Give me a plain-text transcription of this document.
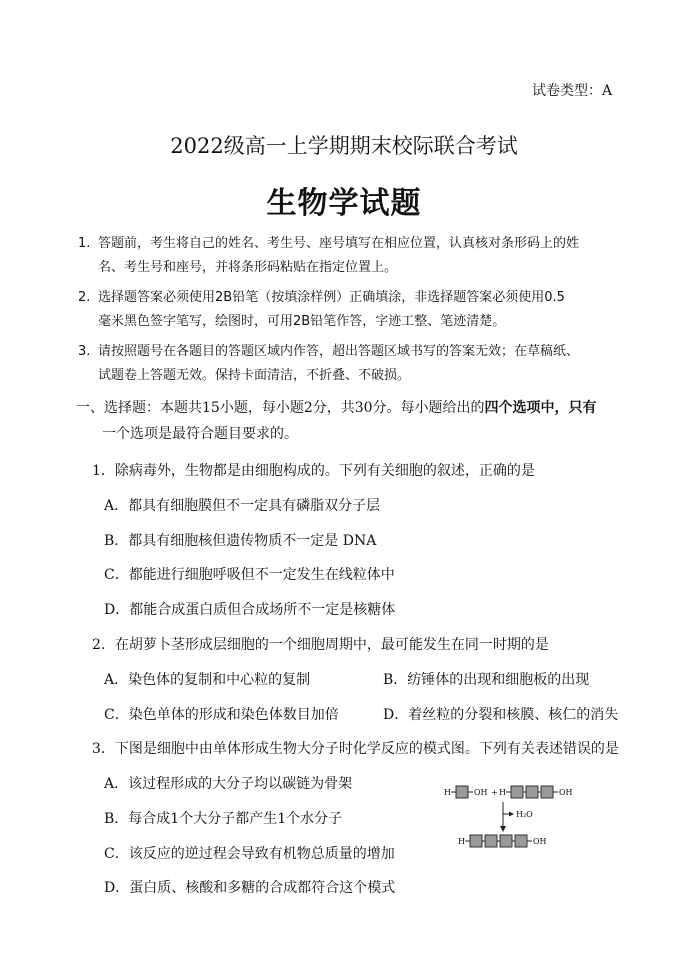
试卷类型：A
2022级高一上学期期末校际联合考试
生物学试题
1. 答题前，考生将自己的姓名、考生号、座号填写在相应位置，认真核对条形码上的姓
名、考生号和座号，并将条形码粘贴在指定位置上。
2. 选择题答案必须使用2B铅笔（按填涂样例）正确填涂，非选择题答案必须使用0.5
毫米黑色签字笔写，绘图时，可用2B铅笔作答，字迹工整、笔迹清楚。
3. 请按照题号在各题目的答题区域内作答，超出答题区域书写的答案无效；在草稿纸、
试题卷上答题无效。保持卡面清洁，不折叠、不破损。
一、选择题：本题共15小题，每小题2分，共30分。每小题给出的四个选项中，只有
一个选项是最符合题目要求的。
1．除病毒外，生物都是由细胞构成的。下列有关细胞的叙述，正确的是
A．都具有细胞膜但不一定具有磷脂双分子层
B．都具有细胞核但遗传物质不一定是 DNA
C．都能进行细胞呼吸但不一定发生在线粒体中
D．都能合成蛋白质但合成场所不一定是核糖体
2．在胡萝卜茎形成层细胞的一个细胞周期中，最可能发生在同一时期的是
A．染色体的复制和中心粒的复制	B．纺锤体的出现和细胞板的出现
C．染色单体的形成和染色体数目加倍	D．着丝粒的分裂和核膜、核仁的消失
3．下图是细胞中由单体形成生物大分子时化学反应的模式图。下列有关表述错误的是
A．该过程形成的大分子均以碳链为骨架
B．每合成1个大分子都产生1个水分子
C．该反应的逆过程会导致有机物总质量的增加
D．蛋白质、核酸和多糖的合成都符合这个模式
H	OH + H	OH
H₂O
H	OH
